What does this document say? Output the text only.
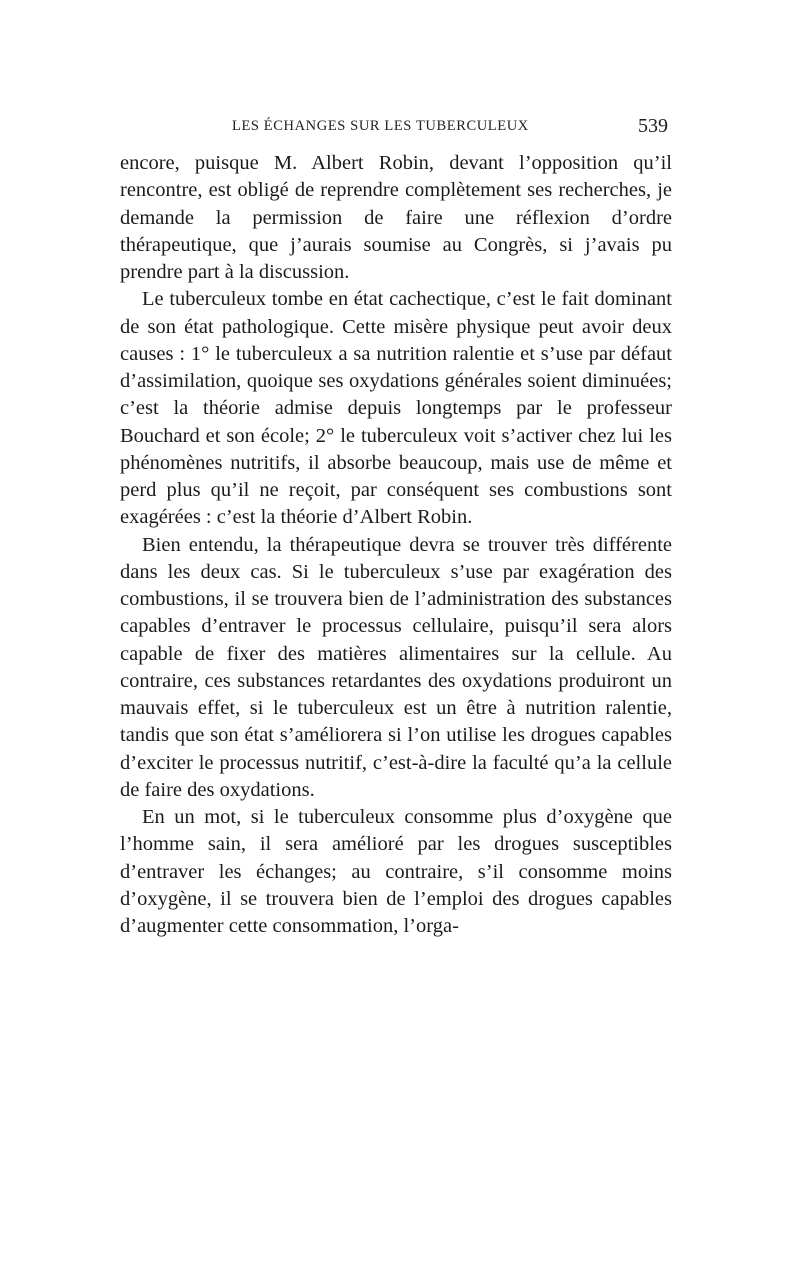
LES ÉCHANGES SUR LES TUBERCULEUX	539

encore, puisque M. Albert Robin, devant l’opposition qu’il rencontre, est obligé de reprendre complètement ses recherches, je demande la permission de faire une réflexion d’ordre thérapeutique, que j’aurais soumise au Congrès, si j’avais pu prendre part à la discussion.

Le tuberculeux tombe en état cachectique, c’est le fait dominant de son état pathologique. Cette misère physique peut avoir deux causes : 1° le tuberculeux a sa nutrition ralentie et s’use par défaut d’assimilation, quoique ses oxydations générales soient diminuées; c’est la théorie admise depuis longtemps par le professeur Bouchard et son école; 2° le tuberculeux voit s’activer chez lui les phénomènes nutritifs, il absorbe beaucoup, mais use de même et perd plus qu’il ne reçoit, par conséquent ses combustions sont exagérées : c’est la théorie d’Albert Robin.

Bien entendu, la thérapeutique devra se trouver très différente dans les deux cas. Si le tuberculeux s’use par exagération des combustions, il se trouvera bien de l’administration des substances capables d’entraver le processus cellulaire, puisqu’il sera alors capable de fixer des matières alimentaires sur la cellule. Au contraire, ces substances retardantes des oxydations produiront un mauvais effet, si le tuberculeux est un être à nutrition ralentie, tandis que son état s’améliorera si l’on utilise les drogues capables d’exciter le processus nutritif, c’est-à-dire la faculté qu’a la cellule de faire des oxydations.

En un mot, si le tuberculeux consomme plus d’oxygène que l’homme sain, il sera amélioré par les drogues susceptibles d’entraver les échanges; au contraire, s’il consomme moins d’oxygène, il se trouvera bien de l’emploi des drogues capables d’augmenter cette consommation, l’orga-
